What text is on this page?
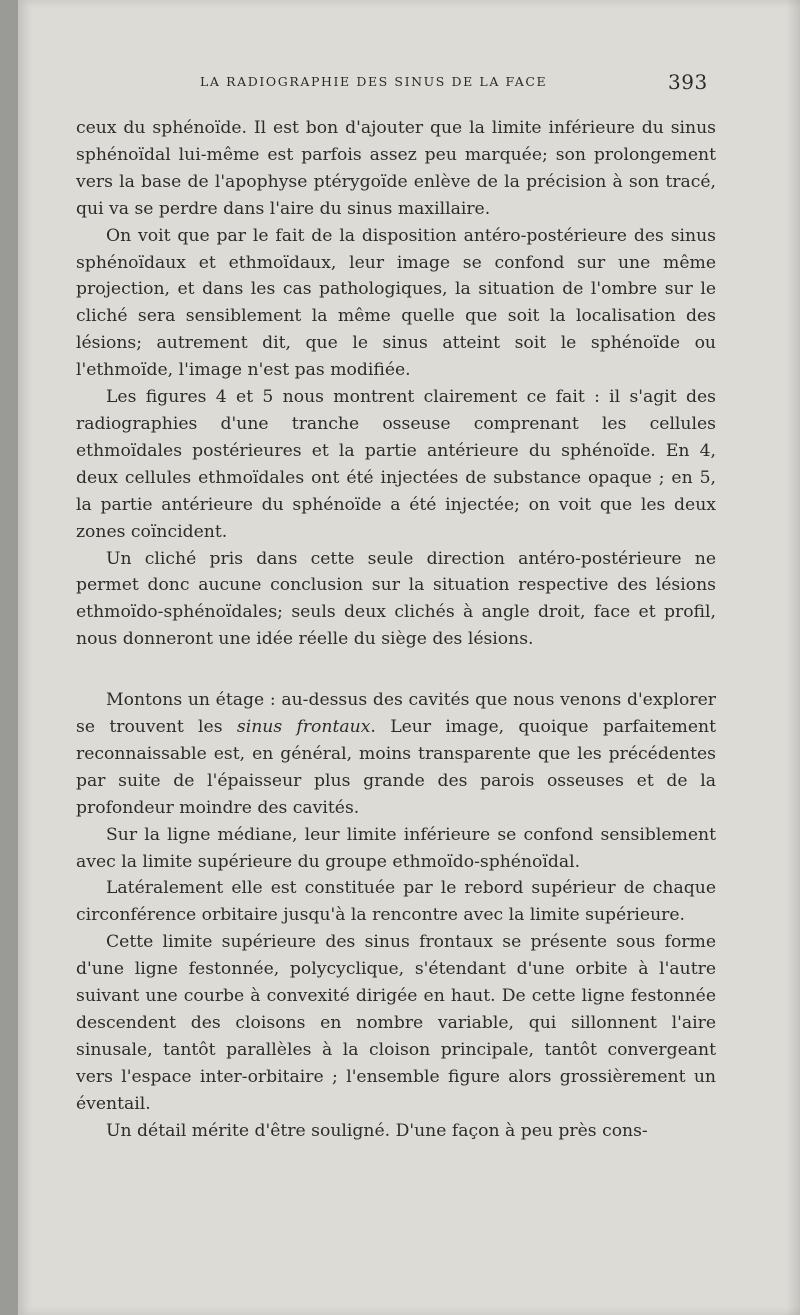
LA RADIOGRAPHIE DES SINUS DE LA FACE	393

ceux du sphénoïde. Il est bon d'ajouter que la limite inférieure du sinus sphénoïdal lui-même est parfois assez peu marquée; son prolongement vers la base de l'apophyse ptérygoïde enlève de la précision à son tracé, qui va se perdre dans l'aire du sinus maxillaire.

On voit que par le fait de la disposition antéro-postérieure des sinus sphénoïdaux et ethmoïdaux, leur image se confond sur une même projection, et dans les cas pathologiques, la situation de l'ombre sur le cliché sera sensiblement la même quelle que soit la localisation des lésions; autrement dit, que le sinus atteint soit le sphénoïde ou l'ethmoïde, l'image n'est pas modifiée.

Les figures 4 et 5 nous montrent clairement ce fait : il s'agit des radiographies d'une tranche osseuse comprenant les cellules ethmoïdales postérieures et la partie antérieure du sphénoïde. En 4, deux cellules ethmoïdales ont été injectées de substance opaque ; en 5, la partie antérieure du sphénoïde a été injectée; on voit que les deux zones coïncident.

Un cliché pris dans cette seule direction antéro-postérieure ne permet donc aucune conclusion sur la situation respective des lésions ethmoïdo-sphénoïdales; seuls deux clichés à angle droit, face et profil, nous donneront une idée réelle du siège des lésions.

Montons un étage : au-dessus des cavités que nous venons d'explorer se trouvent les sinus frontaux. Leur image, quoique parfaitement reconnaissable est, en général, moins transparente que les précédentes par suite de l'épaisseur plus grande des parois osseuses et de la profondeur moindre des cavités.

Sur la ligne médiane, leur limite inférieure se confond sensiblement avec la limite supérieure du groupe ethmoïdo-sphénoïdal.

Latéralement elle est constituée par le rebord supérieur de chaque circonférence orbitaire jusqu'à la rencontre avec la limite supérieure.

Cette limite supérieure des sinus frontaux se présente sous forme d'une ligne festonnée, polycyclique, s'étendant d'une orbite à l'autre suivant une courbe à convexité dirigée en haut. De cette ligne festonnée descendent des cloisons en nombre variable, qui sillonnent l'aire sinusale, tantôt parallèles à la cloison principale, tantôt convergeant vers l'espace inter-orbitaire ; l'ensemble figure alors grossièrement un éventail.

Un détail mérite d'être souligné. D'une façon à peu près cons-
